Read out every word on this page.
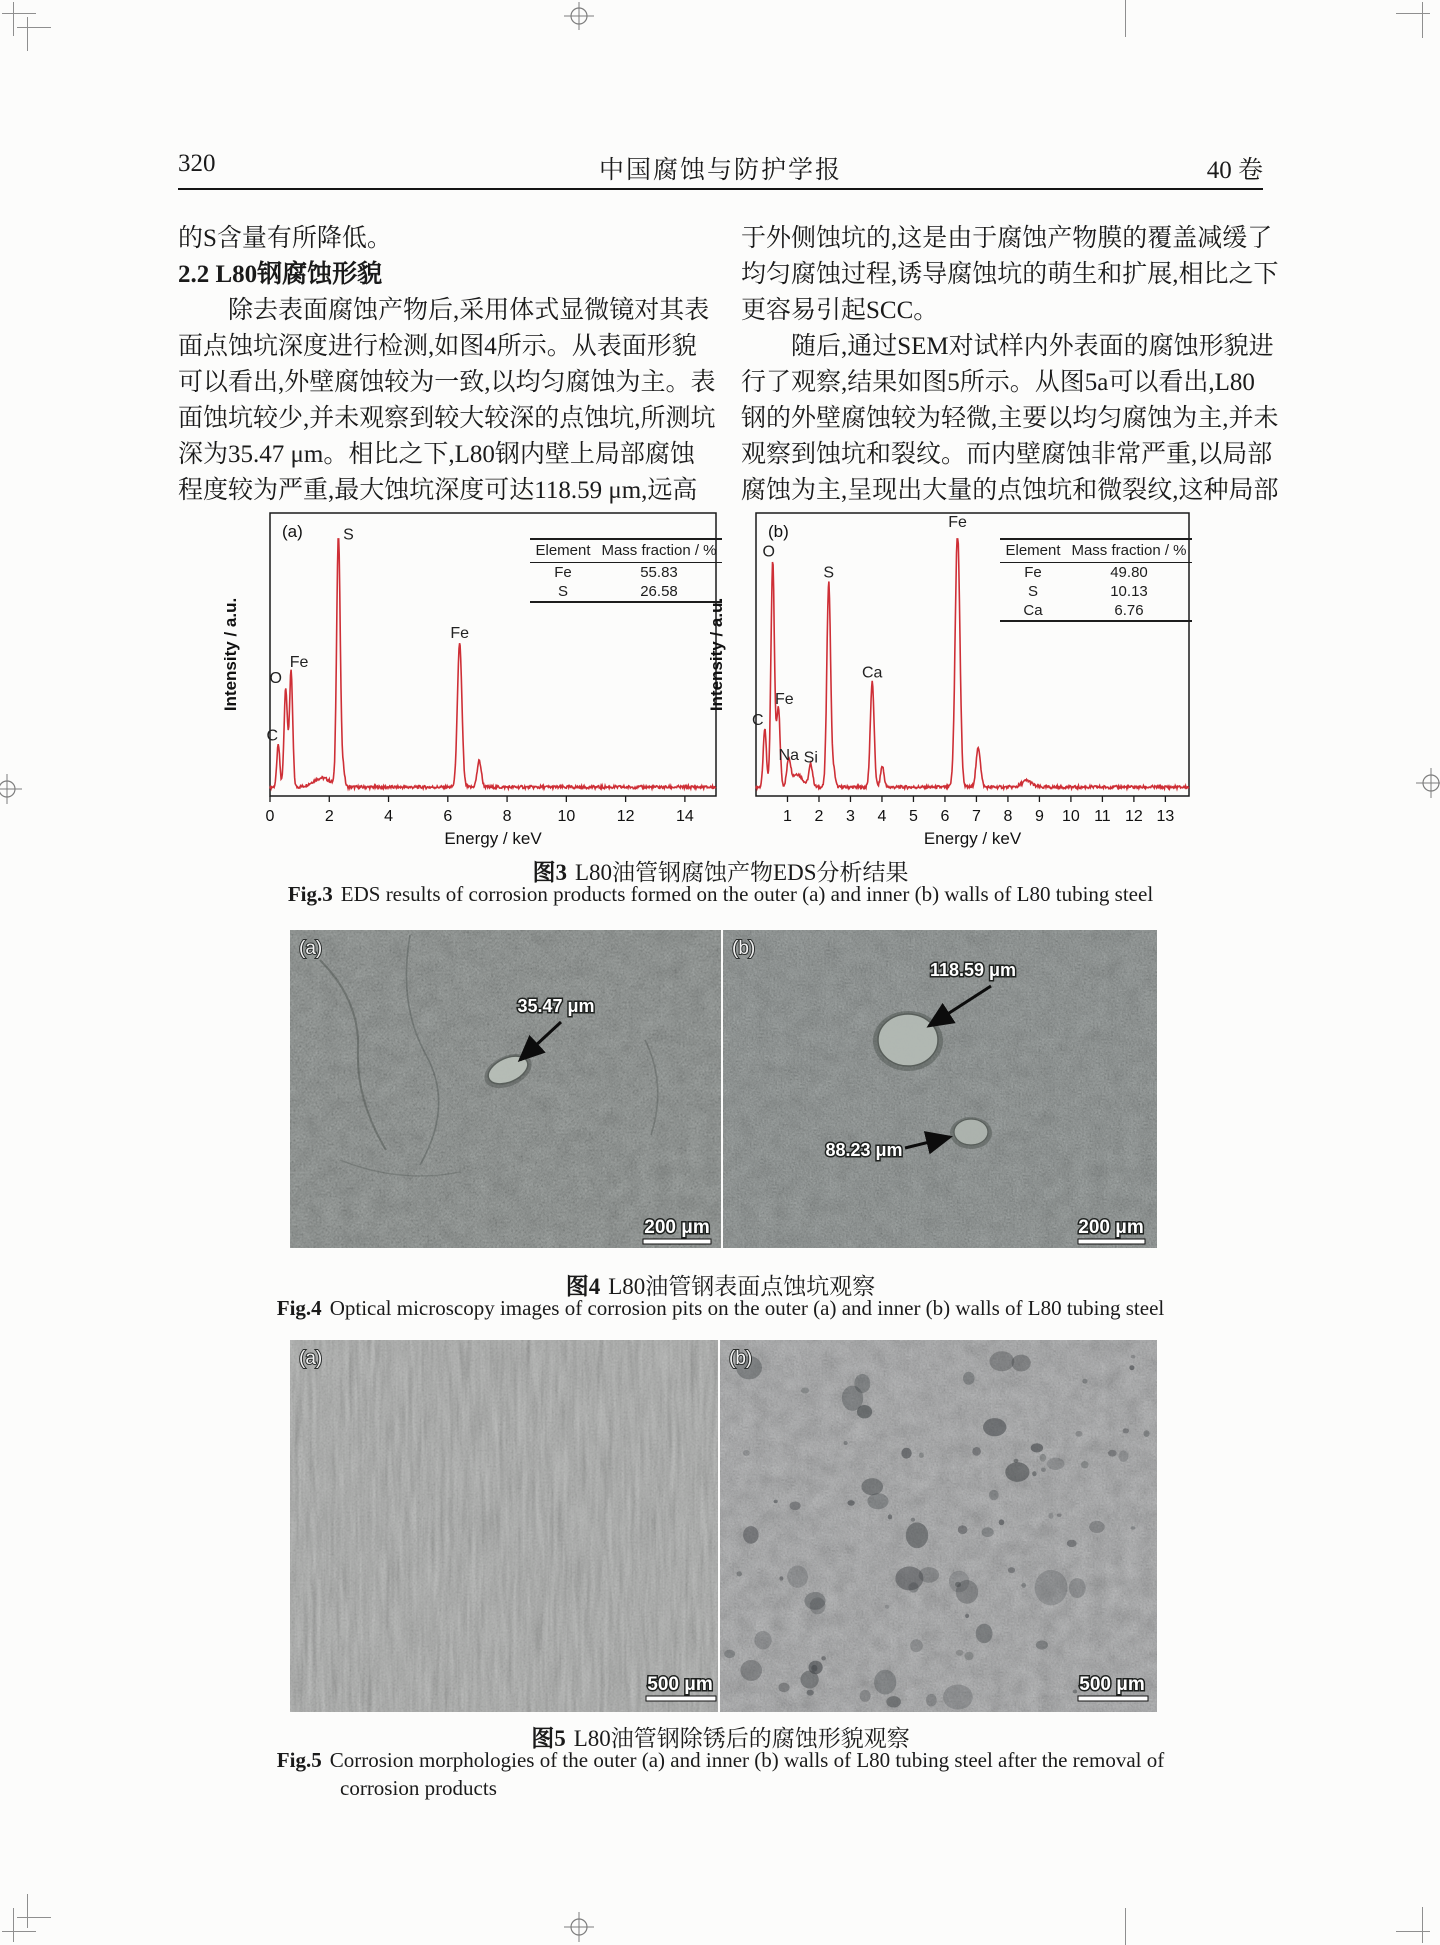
320	中国腐蚀与防护学报	40 卷
的S含量有所降低。
2.2 L80钢腐蚀形貌
除去表面腐蚀产物后,采用体式显微镜对其表
面点蚀坑深度进行检测,如图4所示。从表面形貌
可以看出,外壁腐蚀较为一致,以均匀腐蚀为主。表
面蚀坑较少,并未观察到较大较深的点蚀坑,所测坑
深为35.47 μm。相比之下,L80钢内壁上局部腐蚀
程度较为严重,最大蚀坑深度可达118.59 μm,远高
于外侧蚀坑的,这是由于腐蚀产物膜的覆盖减缓了
均匀腐蚀过程,诱导腐蚀坑的萌生和扩展,相比之下
更容易引起SCC。
随后,通过SEM对试样内外表面的腐蚀形貌进
行了观察,结果如图5所示。从图5a可以看出,L80
钢的外壁腐蚀较为轻微,主要以均匀腐蚀为主,并未
观察到蚀坑和裂纹。而内壁腐蚀非常严重,以局部
腐蚀为主,呈现出大量的点蚀坑和微裂纹,这种局部
0	2	4	6	8	10	12	14
Energy / keV
Intensity / a.u.
(a)
C
O
Fe
S
Fe
Element Mass fraction / %
Fe	55.83
S	26.58
1 2 3 4 5 6 7 8 9 10 11 12 13
Energy / keV
Intensity / a.u.
(b)
C
O
Fe
Na Si
S
Ca
Fe
Element Mass fraction / %
Fe	49.80
S	10.13
Ca	6.76
图3 L80油管钢腐蚀产物EDS分析结果
Fig.3 EDS results of corrosion products formed on the outer (a) and inner (b) walls of L80 tubing steel
(a)
35.47 μm
200 μm
(b)
118.59 μm
88.23 μm
200 μm
图4 L80油管钢表面点蚀坑观察
Fig.4 Optical microscopy images of corrosion pits on the outer (a) and inner (b) walls of L80 tubing steel
(a)
500 μm
(b)
500 μm
图5 L80油管钢除锈后的腐蚀形貌观察
Fig.5 Corrosion morphologies of the outer (a) and inner (b) walls of L80 tubing steel after the removal of
corrosion products
